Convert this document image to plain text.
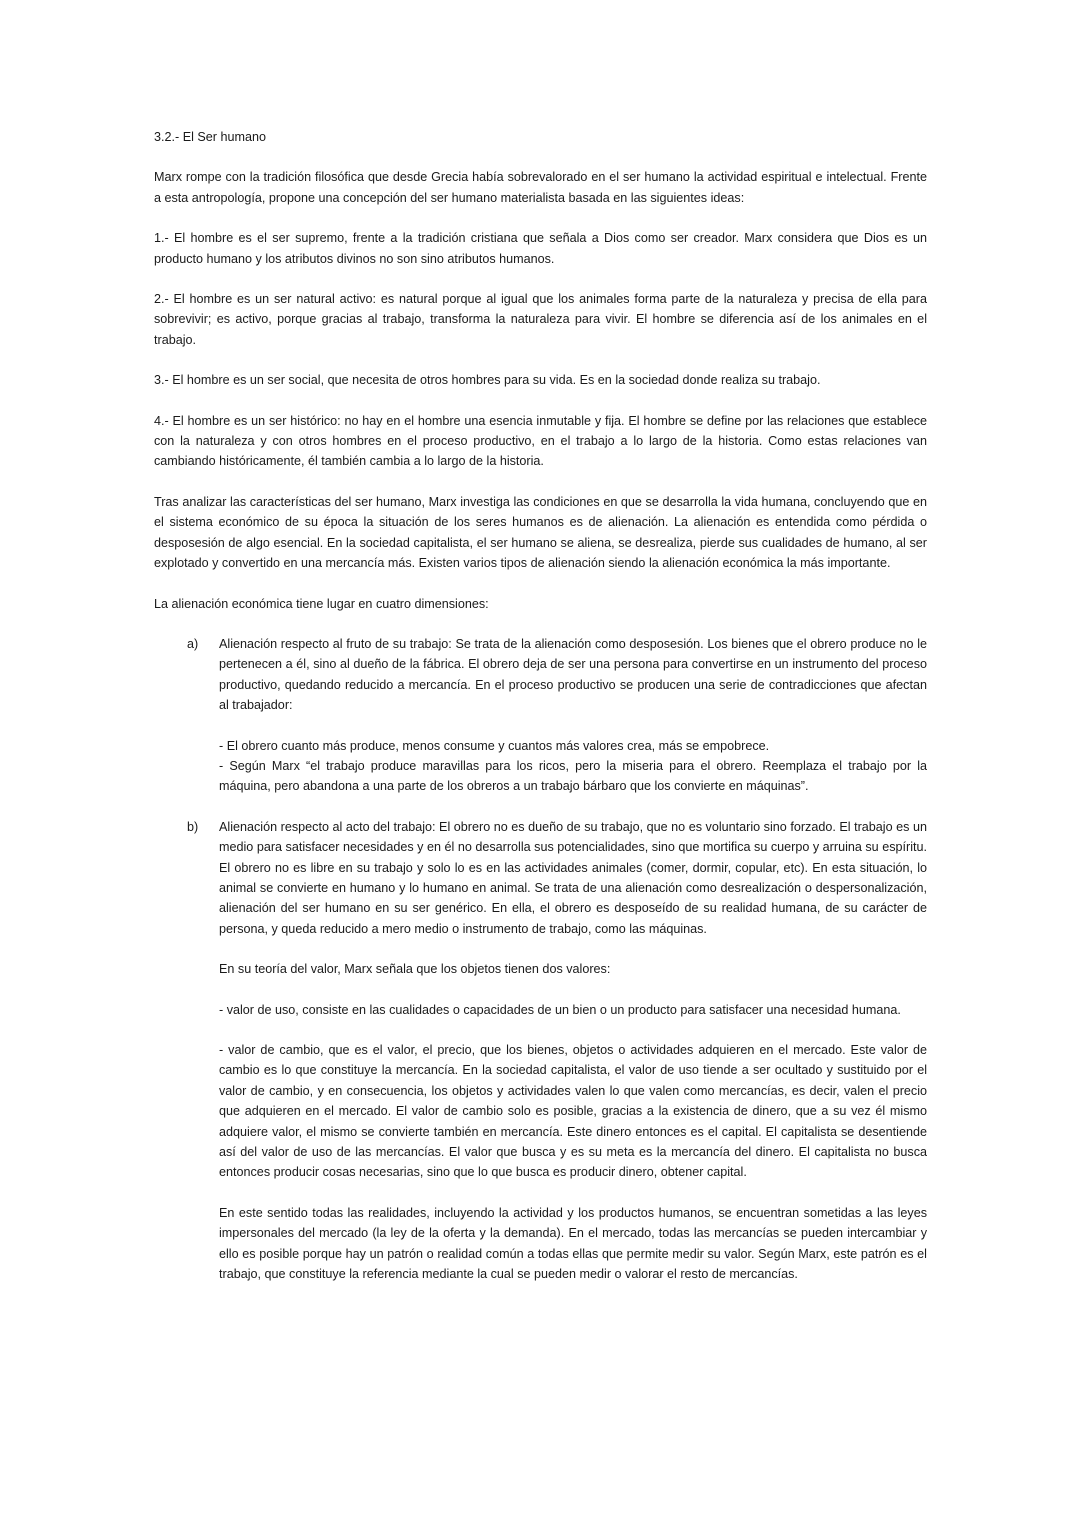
3.2.- El Ser humano

Marx rompe con la tradición filosófica que desde Grecia había sobrevalorado en el ser humano la actividad espiritual e intelectual. Frente a esta antropología, propone una concepción del ser humano materialista basada en las siguientes ideas:

1.- El hombre es el ser supremo, frente a la tradición cristiana que señala a Dios como ser creador. Marx considera que Dios es un producto humano y los atributos divinos no son sino atributos humanos.

2.- El hombre es un ser natural activo: es natural porque al igual que los animales forma parte de la naturaleza y precisa de ella para sobrevivir; es activo, porque gracias al trabajo, transforma la naturaleza para vivir. El hombre se diferencia así de los animales en el trabajo.

3.- El hombre es un ser social, que necesita de otros hombres para su vida. Es en la sociedad donde realiza su trabajo.

4.- El hombre es un ser histórico: no hay en el hombre una esencia inmutable y fija. El hombre se define por las relaciones que establece con la naturaleza y con otros hombres en el proceso productivo, en el trabajo a lo largo de la historia. Como estas relaciones van cambiando históricamente, él también cambia a lo largo de la historia.

Tras analizar las características del ser humano, Marx investiga las condiciones en que se desarrolla la vida humana, concluyendo que en el sistema económico de su época la situación de los seres humanos es de alienación. La alienación es entendida como pérdida o desposesión de algo esencial. En la sociedad capitalista, el ser humano se aliena, se desrealiza, pierde sus cualidades de humano, al ser explotado y convertido en una mercancía más. Existen varios tipos de alienación siendo la alienación económica la más importante.

La alienación económica tiene lugar en cuatro dimensiones:

a) Alienación respecto al fruto de su trabajo: Se trata de la alienación como desposesión. Los bienes que el obrero produce no le pertenecen a él, sino al dueño de la fábrica. El obrero deja de ser una persona para convertirse en un instrumento del proceso productivo, quedando reducido a mercancía. En el proceso productivo se producen una serie de contradicciones que afectan al trabajador:

- El obrero cuanto más produce, menos consume y cuantos más valores crea, más se empobrece.

- Según Marx “el trabajo produce maravillas para los ricos, pero la miseria para el obrero. Reemplaza el trabajo por la máquina, pero abandona a una parte de los obreros a un trabajo bárbaro que los convierte en máquinas”.

b) Alienación respecto al acto del trabajo: El obrero no es dueño de su trabajo, que no es voluntario sino forzado. El trabajo es un medio para satisfacer necesidades y en él no desarrolla sus potencialidades, sino que mortifica su cuerpo y arruina su espíritu. El obrero no es libre en su trabajo y solo lo es en las actividades animales (comer, dormir, copular, etc). En esta situación, lo animal se convierte en humano y lo humano en animal. Se trata de una alienación como desrealización o despersonalización, alienación del ser humano en su ser genérico. En ella, el obrero es desposeído de su realidad humana, de su carácter de persona, y queda reducido a mero medio o instrumento de trabajo, como las máquinas.

En su teoría del valor, Marx señala que los objetos tienen dos valores:

- valor de uso, consiste en las cualidades o capacidades de un bien o un producto para satisfacer una necesidad humana.

- valor de cambio, que es el valor, el precio, que los bienes, objetos o actividades adquieren en el mercado. Este valor de cambio es lo que constituye la mercancía. En la sociedad capitalista, el valor de uso tiende a ser ocultado y sustituido por el valor de cambio, y en consecuencia, los objetos y actividades valen lo que valen como mercancías, es decir, valen el precio que adquieren en el mercado. El valor de cambio solo es posible, gracias a la existencia de dinero, que a su vez él mismo adquiere valor, el mismo se convierte también en mercancía. Este dinero entonces es el capital. El capitalista se desentiende así del valor de uso de las mercancías. El valor que busca y es su meta es la mercancía del dinero. El capitalista no busca entonces producir cosas necesarias, sino que lo que busca es producir dinero, obtener capital.

En este sentido todas las realidades, incluyendo la actividad y los productos humanos, se encuentran sometidas a las leyes impersonales del mercado (la ley de la oferta y la demanda). En el mercado, todas las mercancías se pueden intercambiar y ello es posible porque hay un patrón o realidad común a todas ellas que permite medir su valor. Según Marx, este patrón es el trabajo, que constituye la referencia mediante la cual se pueden medir o valorar el resto de mercancías.
